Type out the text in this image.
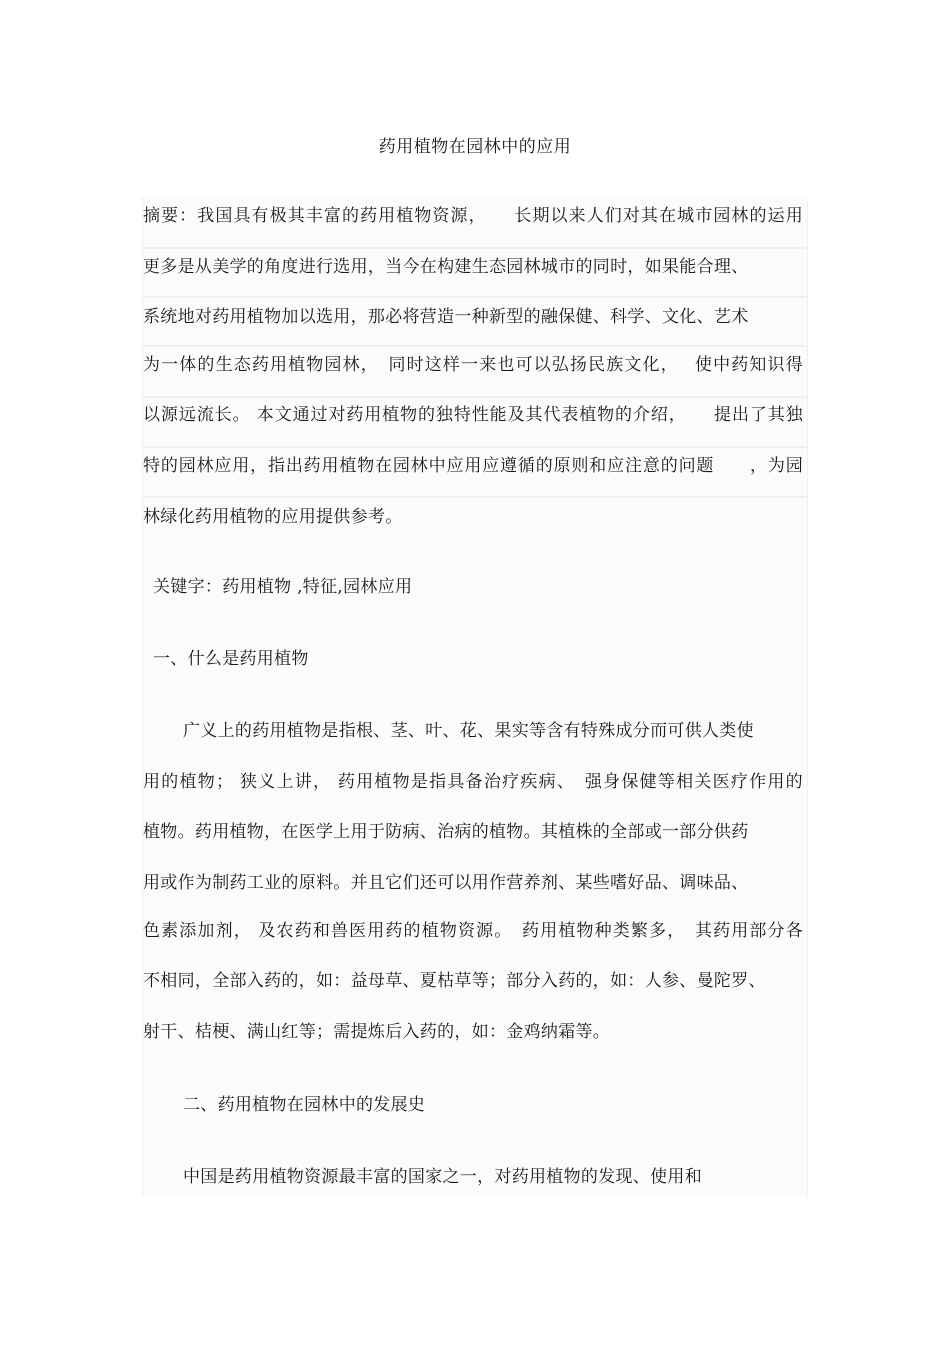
药用植物在园林中的应用
摘要：我国具有极其丰富的药用植物资源，　　长期以来人们对其在城市园林的运用
更多是从美学的角度进行选用，当今在构建生态园林城市的同时，如果能合理、
系统地对药用植物加以选用，那必将营造一种新型的融保健、科学、文化、艺术
为一体的生态药用植物园林，　同时这样一来也可以弘扬民族文化，　 使中药知识得
以源远流长。 本文通过对药用植物的独特性能及其代表植物的介绍，　　提出了其独
特的园林应用，指出药用植物在园林中应用应遵循的原则和应注意的问题　　，为园
林绿化药用植物的应用提供参考。
关键字：药用植物 ,特征,园林应用
一、什么是药用植物
广义上的药用植物是指根、茎、叶、花、果实等含有特殊成分而可供人类使
用的植物； 狭义上讲， 药用植物是指具备治疗疾病、　强身保健等相关医疗作用的
植物。药用植物，在医学上用于防病、治病的植物。其植株的全部或一部分供药
用或作为制药工业的原料。并且它们还可以用作营养剂、某些嗜好品、调味品、
色素添加剂， 及农药和兽医用药的植物资源。　药用植物种类繁多，　其药用部分各
不相同，全部入药的，如：益母草、夏枯草等；部分入药的，如：人参、曼陀罗、
射干、桔梗、满山红等；需提炼后入药的，如：金鸡纳霜等。
二、药用植物在园林中的发展史
中国是药用植物资源最丰富的国家之一，对药用植物的发现、使用和
